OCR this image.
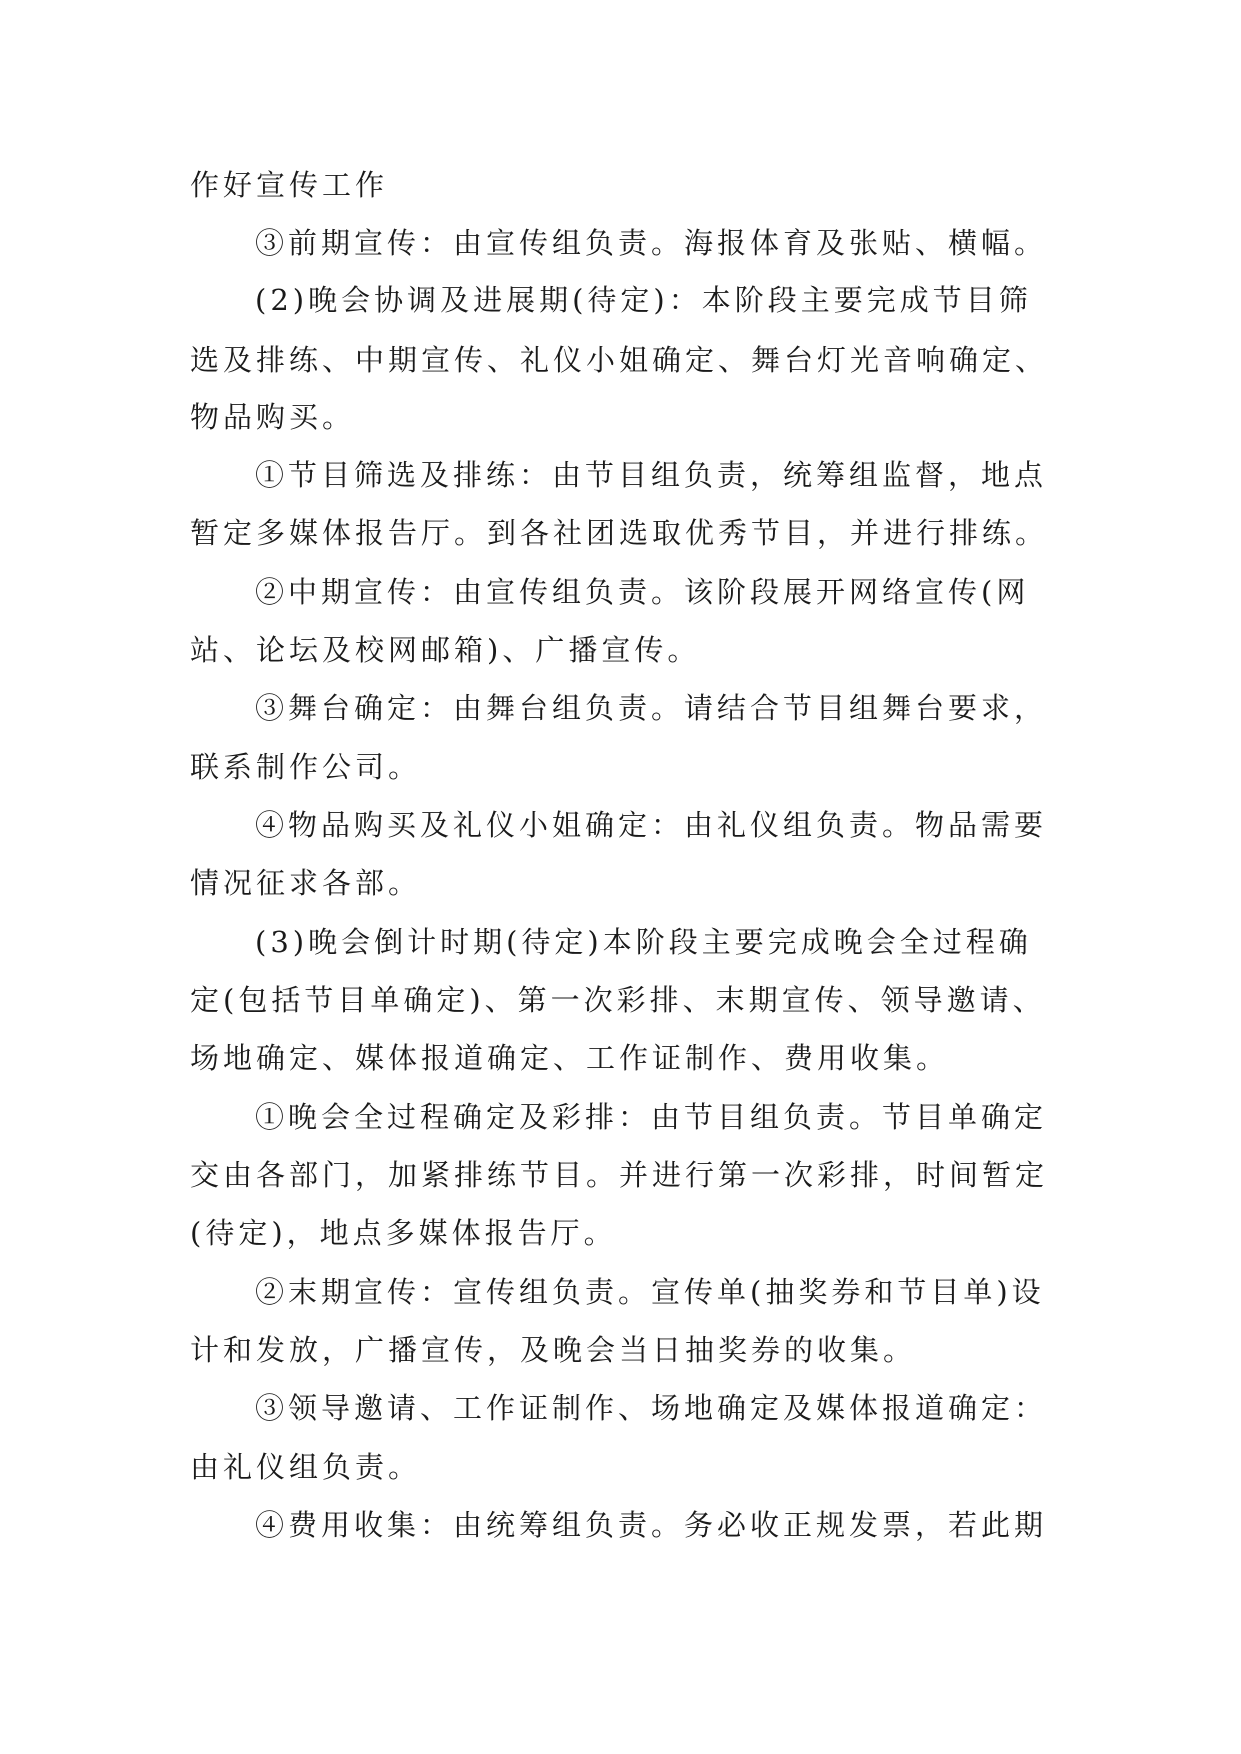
作好宣传工作

③前期宣传：由宣传组负责。海报体育及张贴、横幅。

(2)晚会协调及进展期(待定)：本阶段主要完成节目筛

选及排练、中期宣传、礼仪小姐确定、舞台灯光音响确定、

物品购买。

①节目筛选及排练：由节目组负责，统筹组监督，地点

暂定多媒体报告厅。到各社团选取优秀节目，并进行排练。

②中期宣传：由宣传组负责。该阶段展开网络宣传(网

站、论坛及校网邮箱)、广播宣传。

③舞台确定：由舞台组负责。请结合节目组舞台要求，

联系制作公司。

④物品购买及礼仪小姐确定：由礼仪组负责。物品需要

情况征求各部。

(3)晚会倒计时期(待定)本阶段主要完成晚会全过程确

定(包括节目单确定)、第一次彩排、末期宣传、领导邀请、

场地确定、媒体报道确定、工作证制作、费用收集。

①晚会全过程确定及彩排：由节目组负责。节目单确定

交由各部门，加紧排练节目。并进行第一次彩排，时间暂定

(待定)，地点多媒体报告厅。

②末期宣传：宣传组负责。宣传单(抽奖券和节目单)设

计和发放，广播宣传，及晚会当日抽奖券的收集。

③领导邀请、工作证制作、场地确定及媒体报道确定：

由礼仪组负责。

④费用收集：由统筹组负责。务必收正规发票，若此期
